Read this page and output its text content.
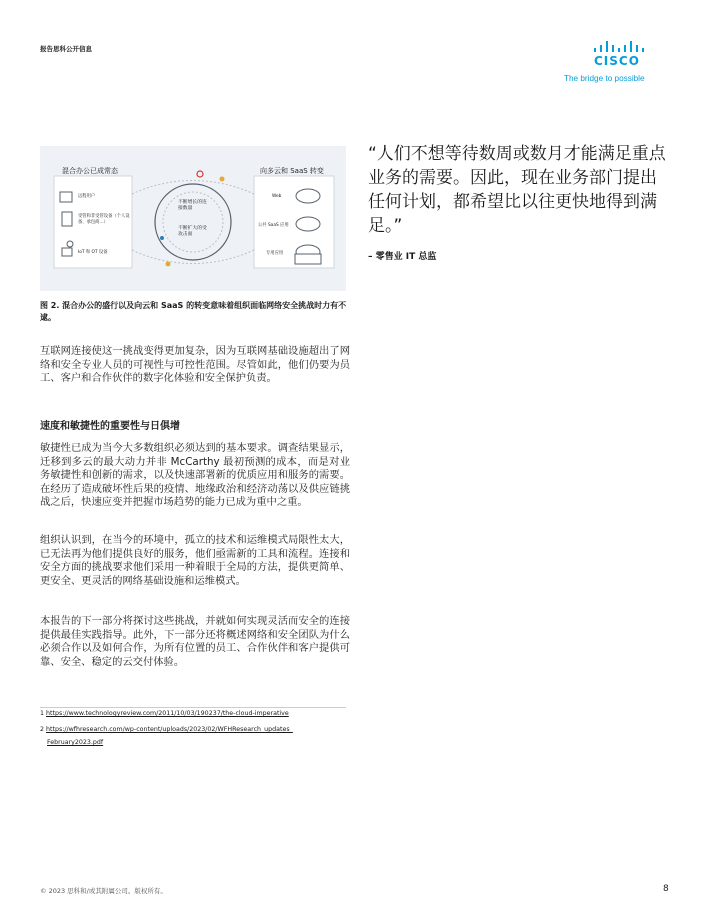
报告思科公开信息
CISCO
The bridge to possible
混合办公已成常态	向多云和 SaaS 转变
远程用户
受管和非受管设备（个人设备、承包商...）
IoT 和 OT 设备
Web
公共 SaaS 应用
专用应用
不断增长的连接数量
不断扩大的受攻击面
图 2. 混合办公的盛行以及向云和 SaaS 的转变意味着组织面临网络安全挑战时力有不逮。
互联网连接使这一挑战变得更加复杂，因为互联网基础设施超出了网络和安全专业人员的可视性与可控性范围。尽管如此，他们仍要为员工、客户和合作伙伴的数字化体验和安全保护负责。
速度和敏捷性的重要性与日俱增
敏捷性已成为当今大多数组织必须达到的基本要求。调查结果显示，迁移到多云的最大动力并非 McCarthy 最初预测的成本，而是对业务敏捷性和创新的需求，以及快速部署新的优质应用和服务的需要。在经历了造成破坏性后果的疫情、地缘政治和经济动荡以及供应链挑战之后，快速应变并把握市场趋势的能力已成为重中之重。
组织认识到，在当今的环境中，孤立的技术和运维模式局限性太大，已无法再为他们提供良好的服务，他们亟需新的工具和流程。连接和安全方面的挑战要求他们采用一种着眼于全局的方法，提供更简单、更安全、更灵活的网络基础设施和运维模式。
本报告的下一部分将探讨这些挑战，并就如何实现灵活而安全的连接提供最佳实践指导。此外，下一部分还将概述网络和安全团队为什么必须合作以及如何合作，为所有位置的员工、合作伙伴和客户提供可靠、安全、稳定的云交付体验。
“人们不想等待数周或数月才能满足重点业务的需要。因此，现在业务部门提出任何计划，都希望比以往更快地得到满足。”
– 零售业 IT 总监
1 https://www.technologyreview.com/2011/10/03/190237/the-cloud-imperative
2 https://wfhresearch.com/wp-content/uploads/2023/02/WFHResearch_updates_
February2023.pdf
© 2023 思科和/或其附属公司。版权所有。	8
